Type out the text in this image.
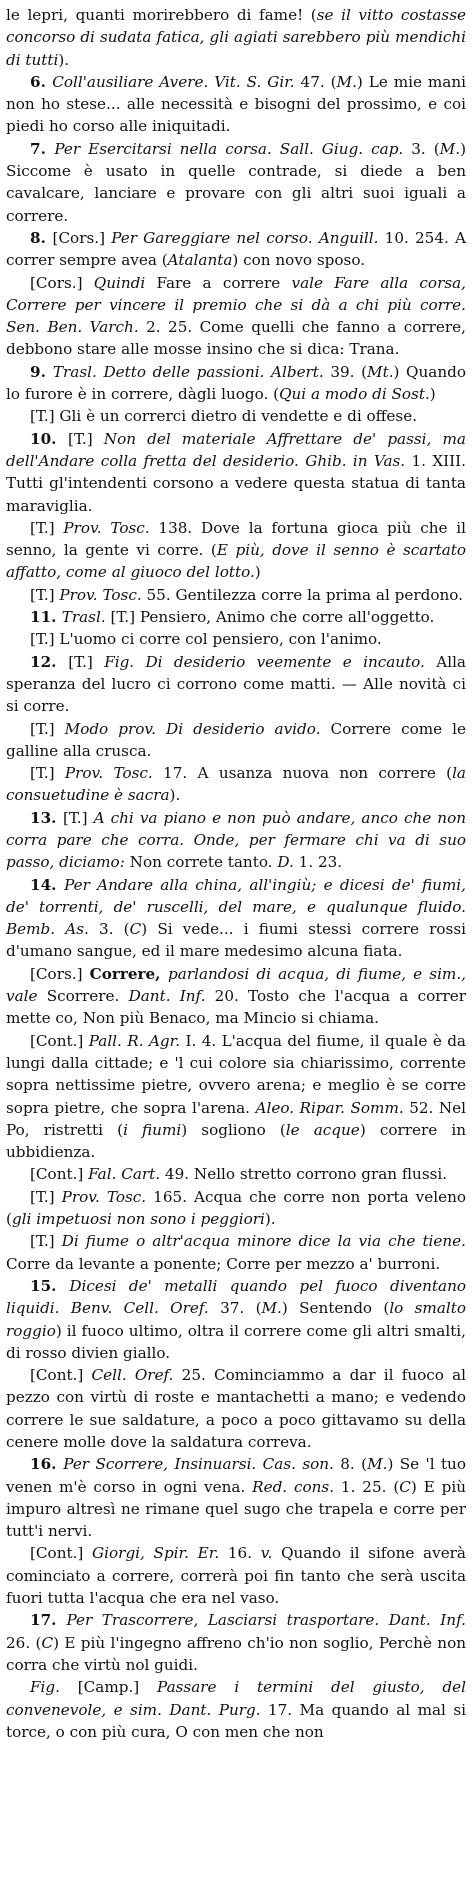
le lepri, quanti morirebbero di fame! (se il vitto costasse concorso di sudata fatica, gli agiati sarebbero più mendichi di tutti).

6. Coll'ausiliare Avere. Vit. S. Gir. 47. (M.) Le mie mani non ho stese... alle necessità e bisogni del prossimo, e coi piedi ho corso alle iniquitadi.

7. Per Esercitarsi nella corsa. Sall. Giug. cap. 3. (M.) Siccome è usato in quelle contrade, si diede a ben cavalcare, lanciare e provare con gli altri suoi iguali a correre.

8. [Cors.] Per Gareggiare nel corso. Anguill. 10. 254. A correr sempre avea (Atalanta) con novo sposo.

[Cors.] Quindi Fare a correre vale Fare alla corsa, Correre per vincere il premio che si dà a chi più corre. Sen. Ben. Varch. 2. 25. Come quelli che fanno a correre, debbono stare alle mosse insino che si dica: Trana.

9. Trasl. Detto delle passioni. Albert. 39. (Mt.) Quando lo furore è in correre, dàgli luogo. (Qui a modo di Sost.)

[T.] Gli è un correrci dietro di vendette e di offese.

10. [T.] Non del materiale Affrettare de' passi, ma dell'Andare colla fretta del desiderio. Ghib. in Vas. 1. XIII. Tutti gl'intendenti corsono a vedere questa statua di tanta maraviglia.

[T.] Prov. Tosc. 138. Dove la fortuna gioca più che il senno, la gente vi corre. (E più, dove il senno è scartato affatto, come al giuoco del lotto.)

[T.] Prov. Tosc. 55. Gentilezza corre la prima al perdono.

11. Trasl. [T.] Pensiero, Animo che corre all'oggetto.

[T.] L'uomo ci corre col pensiero, con l'animo.

12. [T.] Fig. Di desiderio veemente e incauto. Alla speranza del lucro ci corrono come matti. — Alle novità ci si corre.

[T.] Modo prov. Di desiderio avido. Correre come le galline alla crusca.

[T.] Prov. Tosc. 17. A usanza nuova non correre (la consuetudine è sacra).

13. [T.] A chi va piano e non può andare, anco che non corra pare che corra. Onde, per fermare chi va di suo passo, diciamo: Non correte tanto. D. 1. 23.

14. Per Andare alla china, all'ingiù; e dicesi de' fiumi, de' torrenti, de' ruscelli, del mare, e qualunque fluido. Bemb. As. 3. (C) Si vede... i fiumi stessi correre rossi d'umano sangue, ed il mare medesimo alcuna fiata.

[Cors.] Correre, parlandosi di acqua, di fiume, e sim., vale Scorrere. Dant. Inf. 20. Tosto che l'acqua a correr mette co, Non più Benaco, ma Mincio si chiama.

[Cont.] Pall. R. Agr. I. 4. L'acqua del fiume, il quale è da lungi dalla cittade; e 'l cui colore sia chiarissimo, corrente sopra nettissime pietre, ovvero arena; e meglio è se corre sopra pietre, che sopra l'arena. Aleo. Ripar. Somm. 52. Nel Po, ristretti (i fiumi) sogliono (le acque) correre in ubbidienza.

[Cont.] Fal. Cart. 49. Nello stretto corrono gran flussi.

[T.] Prov. Tosc. 165. Acqua che corre non porta veleno (gli impetuosi non sono i peggiori).

[T.] Di fiume o altr'acqua minore dice la via che tiene. Corre da levante a ponente; Corre per mezzo a' burroni.

15. Dicesi de' metalli quando pel fuoco diventano liquidi. Benv. Cell. Oref. 37. (M.) Sentendo (lo smalto roggio) il fuoco ultimo, oltra il correre come gli altri smalti, di rosso divien giallo.

[Cont.] Cell. Oref. 25. Cominciammo a dar il fuoco al pezzo con virtù di roste e mantachetti a mano; e vedendo correre le sue saldature, a poco a poco gittavamo su della cenere molle dove la saldatura correva.

16. Per Scorrere, Insinuarsi. Cas. son. 8. (M.) Se 'l tuo venen m'è corso in ogni vena. Red. cons. 1. 25. (C) E più impuro altresì ne rimane quel sugo che trapela e corre per tutt'i nervi.

[Cont.] Giorgi, Spir. Er. 16. v. Quando il sifone averà cominciato a correre, correrà poi fin tanto che serà uscita fuori tutta l'acqua che era nel vaso.

17. Per Trascorrere, Lasciarsi trasportare. Dant. Inf. 26. (C) E più l'ingegno affreno ch'io non soglio, Perchè non corra che virtù nol guidi.

Fig. [Camp.] Passare i termini del giusto, del convenevole, e sim. Dant. Purg. 17. Ma quando al mal si torce, o con più cura, O con men che non
